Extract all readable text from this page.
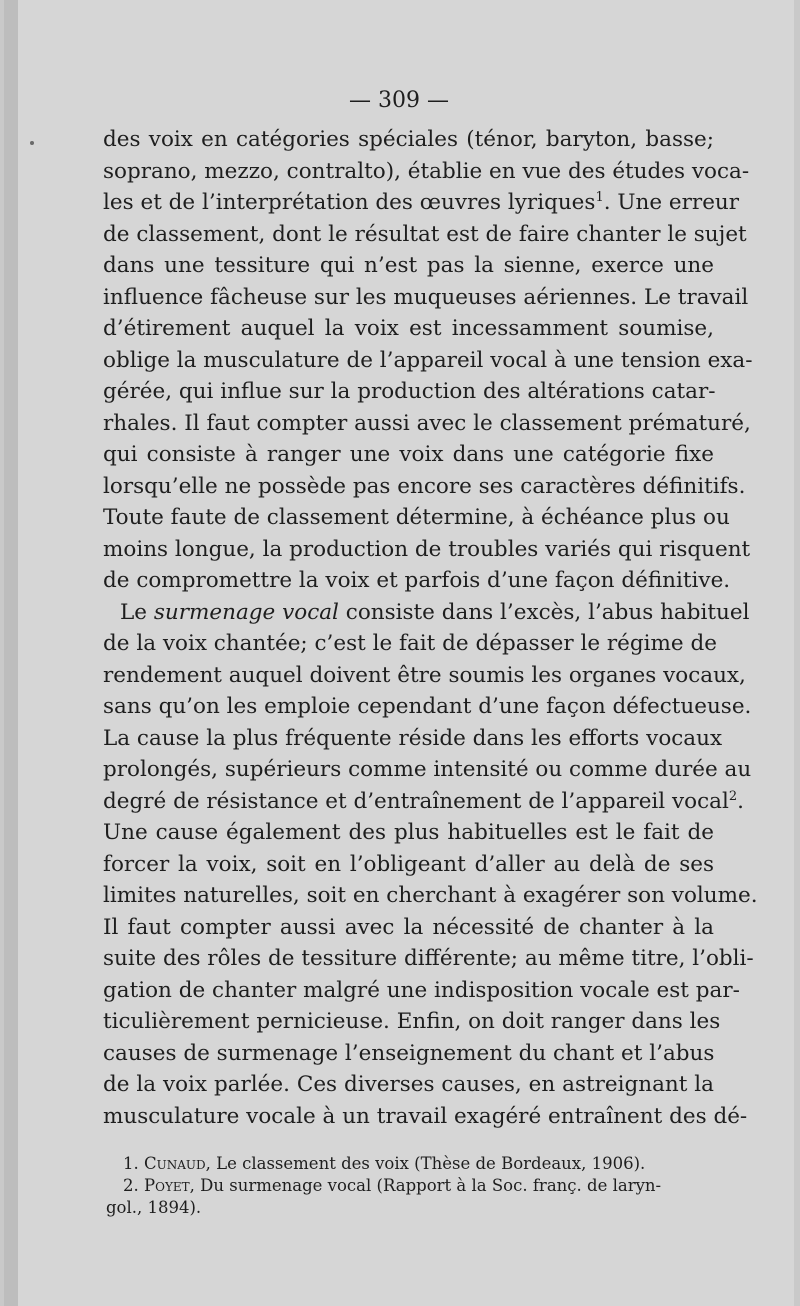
— 309 —
des voix en catégories spéciales (ténor, baryton, basse;
soprano, mezzo, contralto), établie en vue des études voca-
les et de l’interprétation des œuvres lyriques$^1$. Une erreur
de classement, dont le résultat est de faire chanter le sujet
dans une tessiture qui n’est pas la sienne, exerce une
influence fâcheuse sur les muqueuses aériennes. Le travail
d’étirement auquel la voix est incessamment soumise,
oblige la musculature de l’appareil vocal à une tension exa-
gérée, qui influe sur la production des altérations catar-
rhales. Il faut compter aussi avec le classement prématuré,
qui consiste à ranger une voix dans une catégorie fixe
lorsqu’elle ne possède pas encore ses caractères définitifs.
Toute faute de classement détermine, à échéance plus ou
moins longue, la production de troubles variés qui risquent
de compromettre la voix et parfois d’une façon définitive.
Le surmenage vocal consiste dans l’excès, l’abus habituel
de la voix chantée; c’est le fait de dépasser le régime de
rendement auquel doivent être soumis les organes vocaux,
sans qu’on les emploie cependant d’une façon défectueuse.
La cause la plus fréquente réside dans les efforts vocaux
prolongés, supérieurs comme intensité ou comme durée au
degré de résistance et d’entraînement de l’appareil vocal$^2$.
Une cause également des plus habituelles est le fait de
forcer la voix, soit en l’obligeant d’aller au delà de ses
limites naturelles, soit en cherchant à exagérer son volume.
Il faut compter aussi avec la nécessité de chanter à la
suite des rôles de tessiture différente; au même titre, l’obli-
gation de chanter malgré une indisposition vocale est par-
ticulièrement pernicieuse. Enfin, on doit ranger dans les
causes de surmenage l’enseignement du chant et l’abus
de la voix parlée. Ces diverses causes, en astreignant la
musculature vocale à un travail exagéré entraînent des dé-
1. Cunaud, Le classement des voix (Thèse de Bordeaux, 1906).
2. Poyet, Du surmenage vocal (Rapport à la Soc. franç. de laryn-
gol., 1894).
